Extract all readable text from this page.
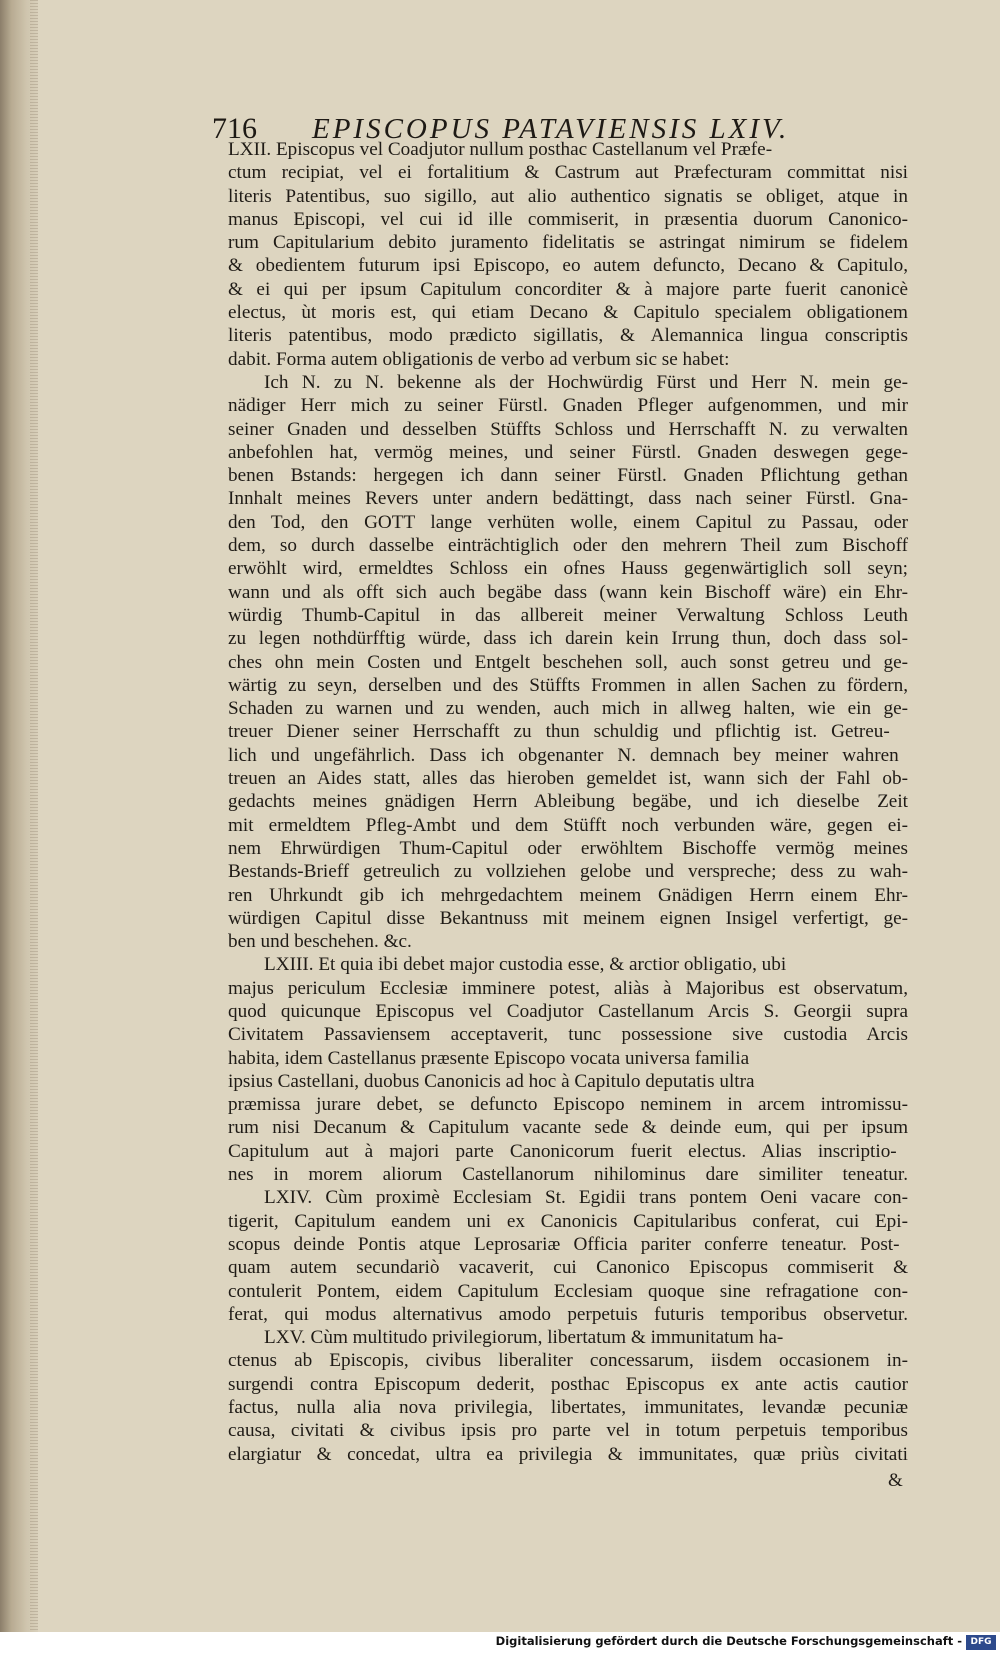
716 EPISCOPUS PATAVIENSIS LXIV.
LXII. Episcopus vel Coadjutor nullum posthac Castellanum vel Præfe-
ctum recipiat, vel ei fortalitium & Castrum aut Præfecturam committat nisi
literis Patentibus, suo sigillo, aut alio authentico signatis se obliget, atque in
manus Episcopi, vel cui id ille commiserit, in præsentia duorum Canonico-
rum Capitularium debito juramento fidelitatis se astringat nimirum se fidelem
& obedientem futurum ipsi Episcopo, eo autem defuncto, Decano & Capitulo,
& ei qui per ipsum Capitulum concorditer & à majore parte fuerit canonicè
electus, ùt moris est, qui etiam Decano & Capitulo specialem obligationem
literis patentibus, modo prædicto sigillatis, & Alemannica lingua conscriptis
dabit. Forma autem obligationis de verbo ad verbum sic se habet:
Ich N. zu N. bekenne als der Hochwürdig Fürst und Herr N. mein ge-
nädiger Herr mich zu seiner Fürstl. Gnaden Pfleger aufgenommen, und mir
seiner Gnaden und desselben Stüffts Schloss und Herrschafft N. zu verwalten
anbefohlen hat, vermög meines, und seiner Fürstl. Gnaden deswegen gege-
benen Bstands: hergegen ich dann seiner Fürstl. Gnaden Pflichtung gethan
Innhalt meines Revers unter andern bedättingt, dass nach seiner Fürstl. Gna-
den Tod, den GOTT lange verhüten wolle, einem Capitul zu Passau, oder
dem, so durch dasselbe einträchtiglich oder den mehrern Theil zum Bischoff
erwöhlt wird, ermeldtes Schloss ein ofnes Hauss gegenwärtiglich soll seyn;
wann und als offt sich auch begäbe dass (wann kein Bischoff wäre) ein Ehr-
würdig Thumb-Capitul in das allbereit meiner Verwaltung Schloss Leuth
zu legen nothdürfftig würde, dass ich darein kein Irrung thun, doch dass sol-
ches ohn mein Costen und Entgelt beschehen soll, auch sonst getreu und ge-
wärtig zu seyn, derselben und des Stüffts Frommen in allen Sachen zu fördern,
Schaden zu warnen und zu wenden, auch mich in allweg halten, wie ein ge-
treuer Diener seiner Herrschafft zu thun schuldig und pflichtig ist. Getreu-
lich und ungefährlich. Dass ich obgenanter N. demnach bey meiner wahren
treuen an Aides statt, alles das hieroben gemeldet ist, wann sich der Fahl ob-
gedachts meines gnädigen Herrn Ableibung begäbe, und ich dieselbe Zeit
mit ermeldtem Pfleg-Ambt und dem Stüfft noch verbunden wäre, gegen ei-
nem Ehrwürdigen Thum-Capitul oder erwöhltem Bischoffe vermög meines
Bestands-Brieff getreulich zu vollziehen gelobe und verspreche; dess zu wah-
ren Uhrkundt gib ich mehrgedachtem meinem Gnädigen Herrn einem Ehr-
würdigen Capitul disse Bekantnuss mit meinem eignen Insigel verfertigt, ge-
ben und beschehen. &c.
LXIII. Et quia ibi debet major custodia esse, & arctior obligatio, ubi
majus periculum Ecclesiæ imminere potest, aliàs à Majoribus est observatum,
quod quicunque Episcopus vel Coadjutor Castellanum Arcis S. Georgii supra
Civitatem Passaviensem acceptaverit, tunc possessione sive custodia Arcis
habita, idem Castellanus præsente Episcopo vocata universa familia
ipsius Castellani, duobus Canonicis ad hoc à Capitulo deputatis ultra
præmissa jurare debet, se defuncto Episcopo neminem in arcem intromissu-
rum nisi Decanum & Capitulum vacante sede & deinde eum, qui per ipsum
Capitulum aut à majori parte Canonicorum fuerit electus. Alias inscriptio-
nes in morem aliorum Castellanorum nihilominus dare similiter teneatur.
LXIV. Cùm proximè Ecclesiam St. Egidii trans pontem Oeni vacare con-
tigerit, Capitulum eandem uni ex Canonicis Capitularibus conferat, cui Epi-
scopus deinde Pontis atque Leprosariæ Officia pariter conferre teneatur. Post-
quam autem secundariò vacaverit, cui Canonico Episcopus commiserit &
contulerit Pontem, eidem Capitulum Ecclesiam quoque sine refragatione con-
ferat, qui modus alternativus amodo perpetuis futuris temporibus observetur.
LXV. Cùm multitudo privilegiorum, libertatum & immunitatum ha-
ctenus ab Episcopis, civibus liberaliter concessarum, iisdem occasionem in-
surgendi contra Episcopum dederit, posthac Episcopus ex ante actis cautior
factus, nulla alia nova privilegia, libertates, immunitates, levandæ pecuniæ
causa, civitati & civibus ipsis pro parte vel in totum perpetuis temporibus
elargiatur & concedat, ultra ea privilegia & immunitates, quæ priùs civitati
&
Digitalisierung gefördert durch die Deutsche Forschungsgemeinschaft - DFG
